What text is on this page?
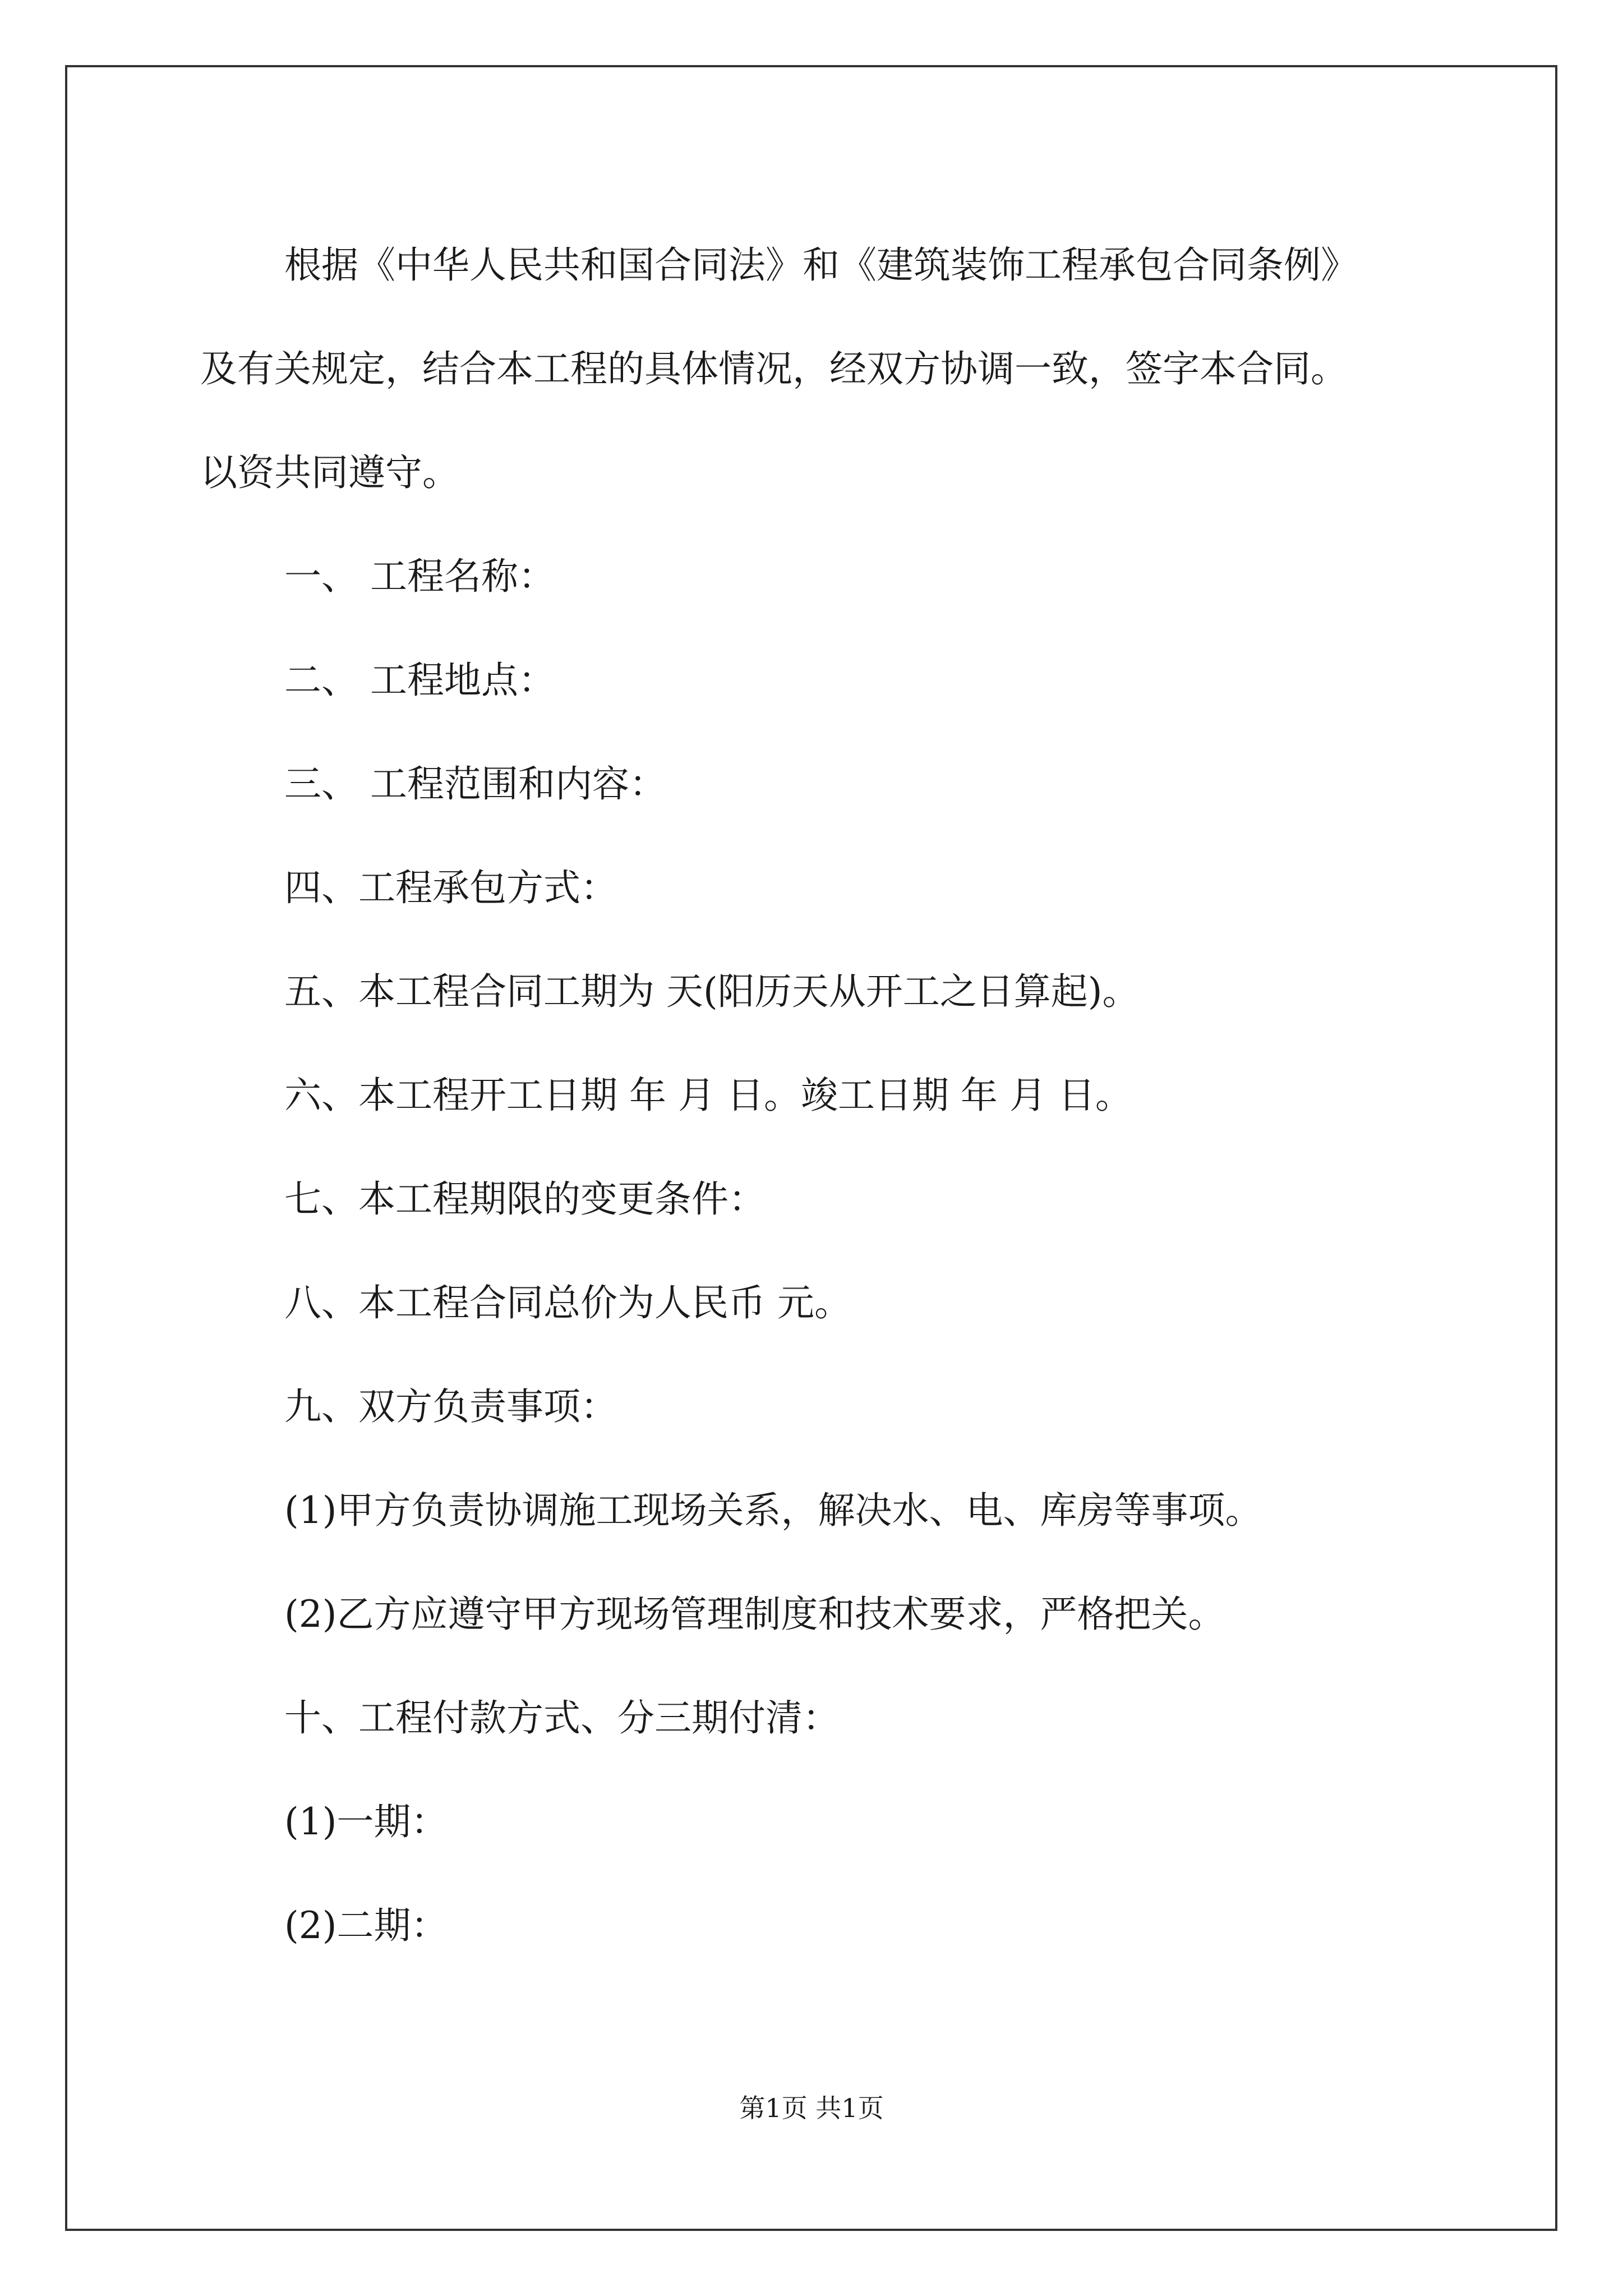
根据《中华人民共和国合同法》和《建筑装饰工程承包合同条例》

及有关规定，结合本工程的具体情况，经双方协调一致，签字本合同。

以资共同遵守。

一、 工程名称：

二、 工程地点：

三、 工程范围和内容：

四、工程承包方式：

五、本工程合同工期为 天(阳历天从开工之日算起)。

六、本工程开工日期 年 月 日。竣工日期 年 月 日。

七、本工程期限的变更条件：

八、本工程合同总价为人民币 元。

九、双方负责事项：

(1)甲方负责协调施工现场关系，解决水、电、库房等事项。

(2)乙方应遵守甲方现场管理制度和技术要求，严格把关。

十、工程付款方式、分三期付清：

(1)一期：

(2)二期：

第1页 共1页
